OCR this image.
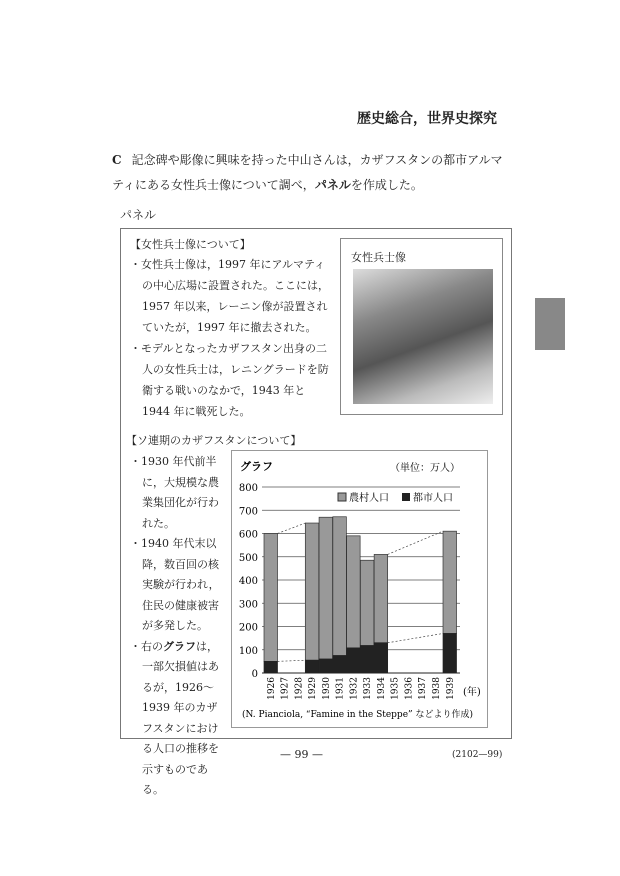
歴史総合，世界史探究
C 記念碑や彫像に興味を持った中山さんは，カザフスタンの都市アルマティにある女性兵士像について調べ，パネルを作成した。
パネル
【女性兵士像について】
・女性兵士像は，1997 年にアルマティの中心広場に設置された。ここには，1957 年以来，レーニン像が設置されていたが，1997 年に撤去された。
・モデルとなったカザフスタン出身の二人の女性兵士は，レニングラードを防衛する戦いのなかで，1943 年と 1944 年に戦死した。
女性兵士像
【ソ連期のカザフスタンについて】
・1930 年代前半に，大規模な農業集団化が行われた。
・1940 年代末以降，数百回の核実験が行われ，住民の健康被害が多発した。
・右のグラフは，一部欠損値はあるが，1926～1939 年のカザフスタンにおける人口の推移を示すものである。
グラフ	（単位：万人）
0
100
200
300
400
500
600
700
800
1926 1927 1928 1929 1930 1931 1932 1933 1934 1935 1936 1937 1938 1939 (年)
農村人口 都市人口
(N. Pianciola, “Famine in the Steppe” などより作成)
— 99 —	(2102—99)
